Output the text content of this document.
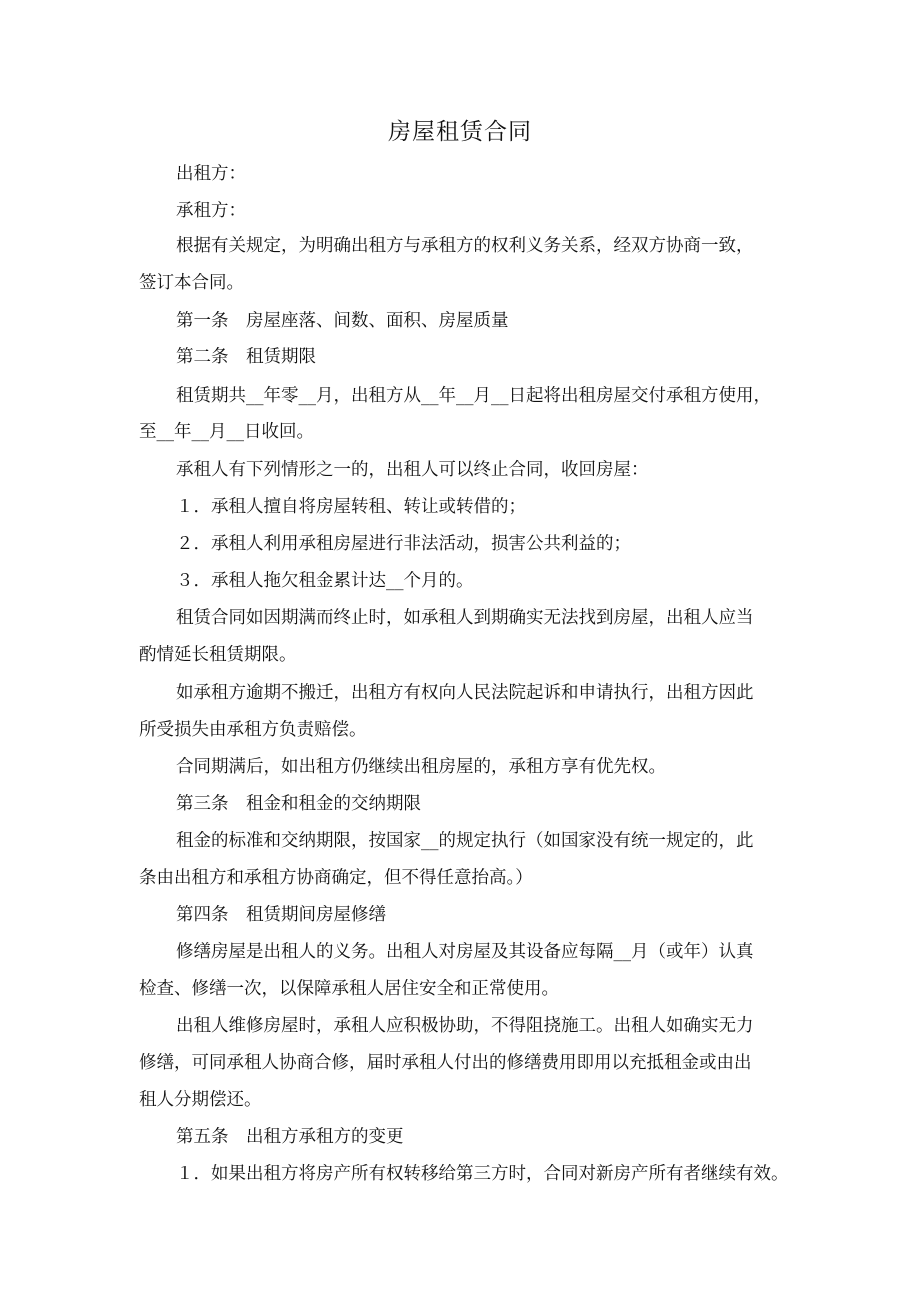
房屋租赁合同

出租方：

承租方：

根据有关规定，为明确出租方与承租方的权利义务关系，经双方协商一致，

签订本合同。

第一条　房屋座落、间数、面积、房屋质量

第二条　租赁期限

租赁期共__年零__月，出租方从__年__月__日起将出租房屋交付承租方使用，

至__年__月__日收回。

承租人有下列情形之一的，出租人可以终止合同，收回房屋：

１．承租人擅自将房屋转租、转让或转借的；

２．承租人利用承租房屋进行非法活动，损害公共利益的；

３．承租人拖欠租金累计达__个月的。

租赁合同如因期满而终止时，如承租人到期确实无法找到房屋，出租人应当

酌情延长租赁期限。

如承租方逾期不搬迁，出租方有权向人民法院起诉和申请执行，出租方因此

所受损失由承租方负责赔偿。

合同期满后，如出租方仍继续出租房屋的，承租方享有优先权。

第三条　租金和租金的交纳期限

租金的标准和交纳期限，按国家__的规定执行（如国家没有统一规定的，此

条由出租方和承租方协商确定，但不得任意抬高。）

第四条　租赁期间房屋修缮

修缮房屋是出租人的义务。出租人对房屋及其设备应每隔__月（或年）认真

检查、修缮一次，以保障承租人居住安全和正常使用。

出租人维修房屋时，承租人应积极协助，不得阻挠施工。出租人如确实无力

修缮，可同承租人协商合修，届时承租人付出的修缮费用即用以充抵租金或由出

租人分期偿还。

第五条　出租方承租方的变更

１．如果出租方将房产所有权转移给第三方时，合同对新房产所有者继续有效。
